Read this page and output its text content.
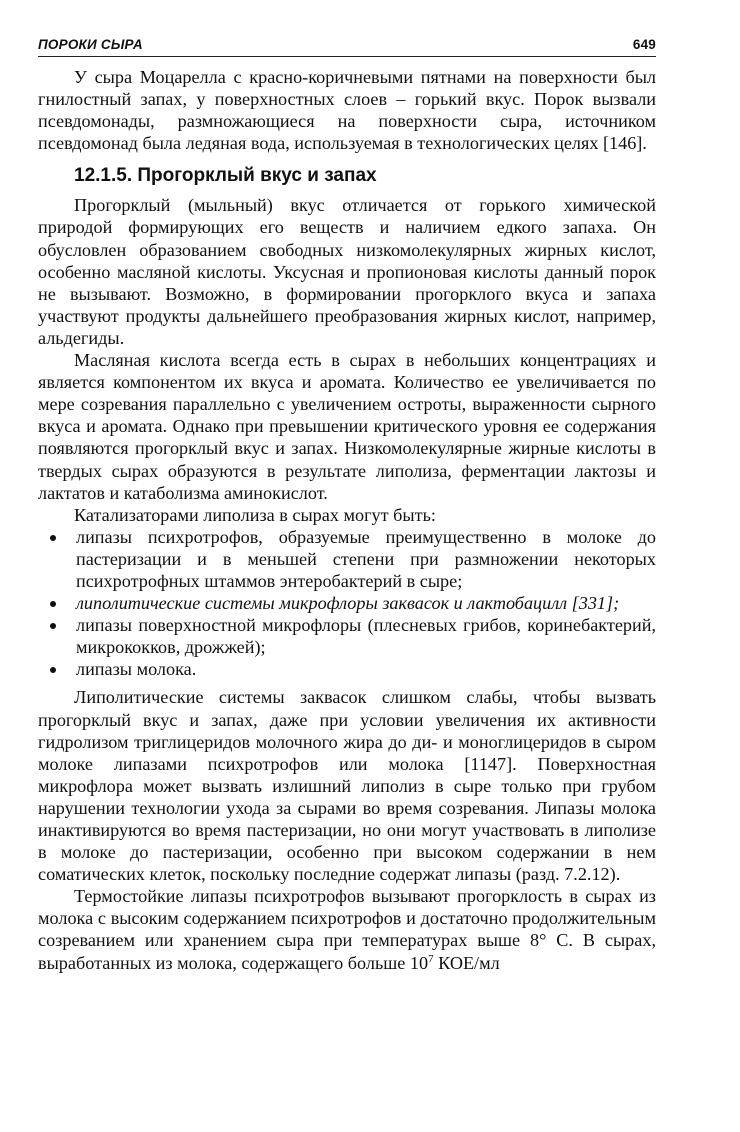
ПОРОКИ СЫРА	649

У сыра Моцарелла с красно-коричневыми пятнами на поверхности был гнилостный запах, у поверхностных слоев – горький вкус. Порок вызвали псевдомонады, размножающиеся на поверхности сыра, источником псевдомонад была ледяная вода, используемая в технологических целях [146].

12.1.5. Прогорклый вкус и запах

Прогорклый (мыльный) вкус отличается от горького химической природой формирующих его веществ и наличием едкого запаха. Он обусловлен образованием свободных низкомолекулярных жирных кислот, особенно масляной кислоты. Уксусная и пропионовая кислоты данный порок не вызывают. Возможно, в формировании прогорклого вкуса и запаха участвуют продукты дальнейшего преобразования жирных кислот, например, альдегиды.

Масляная кислота всегда есть в сырах в небольших концентрациях и является компонентом их вкуса и аромата. Количество ее увеличивается по мере созревания параллельно с увеличением остроты, выраженности сырного вкуса и аромата. Однако при превышении критического уровня ее содержания появляются прогорклый вкус и запах. Низкомолекулярные жирные кислоты в твердых сырах образуются в результате липолиза, ферментации лактозы и лактатов и катаболизма аминокислот.

Катализаторами липолиза в сырах могут быть:

липазы психротрофов, образуемые преимущественно в молоке до пастеризации и в меньшей степени при размножении некоторых психротрофных штаммов энтеробактерий в сыре;
липолитические системы микрофлоры заквасок и лактобацилл [331];
липазы поверхностной микрофлоры (плесневых грибов, коринебактерий, микрококков, дрожжей);
липазы молока.

Липолитические системы заквасок слишком слабы, чтобы вызвать прогорклый вкус и запах, даже при условии увеличения их активности гидролизом триглицеридов молочного жира до ди- и моноглицеридов в сыром молоке липазами психротрофов или молока [1147]. Поверхностная микрофлора может вызвать излишний липолиз в сыре только при грубом нарушении технологии ухода за сырами во время созревания. Липазы молока инактивируются во время пастеризации, но они могут участвовать в липолизе в молоке до пастеризации, особенно при высоком содержании в нем соматических клеток, поскольку последние содержат липазы (разд. 7.2.12).

Термостойкие липазы психротрофов вызывают прогорклость в сырах из молока с высоким содержанием психротрофов и достаточно продолжительным созреванием или хранением сыра при температурах выше 8° С. В сырах, выработанных из молока, содержащего больше $10^7$ КОЕ/мл
